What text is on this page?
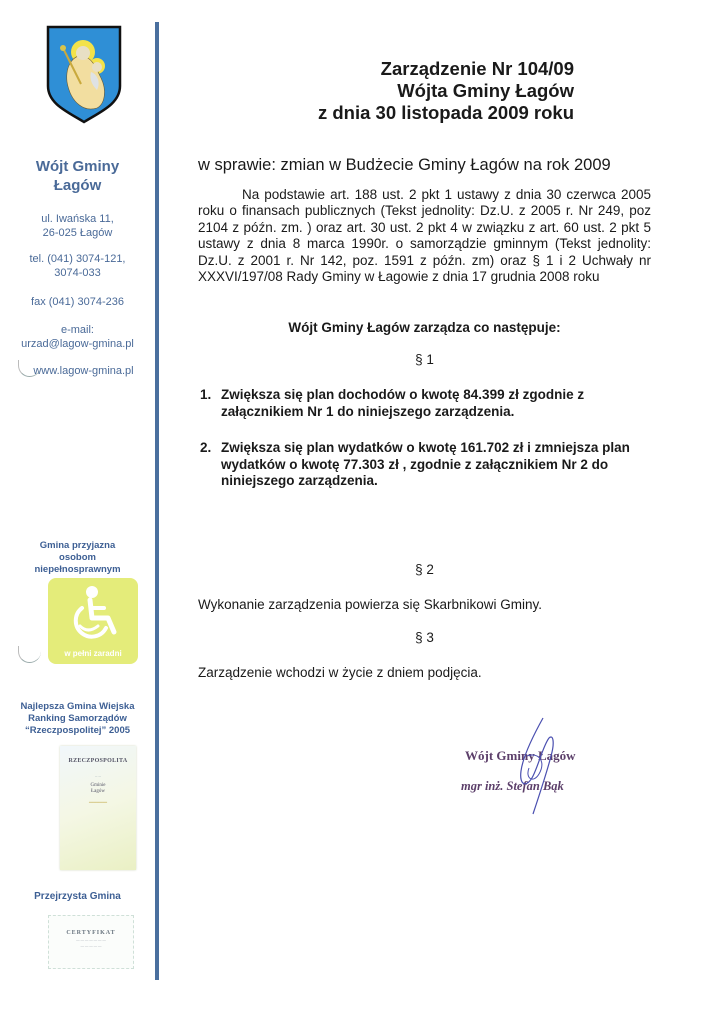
Wójt Gminy
Łagów
ul. Iwańska 11,
26-025 Łagów
tel. (041) 3074-121,
3074-033
fax (041) 3074-236
e-mail:
urzad@lagow-gmina.pl
www.lagow-gmina.pl
Gmina przyjazna
osobom
niepełnosprawnym
w pełni zaradni
Najlepsza Gmina Wiejska
Ranking Samorządów
“Rzeczpospolitej” 2005
RZECZPOSPOLITA
·····
Gminie
Łagów
━━━━━━
Przejrzysta Gmina
CERTYFIKAT
— — — — — — —
— — — — —
Zarządzenie Nr 104/09
Wójta Gminy Łagów
z dnia 30 listopada 2009 roku
w sprawie: zmian w Budżecie Gminy Łagów na rok 2009
Na podstawie art. 188 ust. 2 pkt 1 ustawy z dnia 30 czerwca 2005 roku o finansach publicznych (Tekst jednolity: Dz.U. z 2005 r. Nr 249, poz 2104 z późn. zm. ) oraz art. 30 ust. 2 pkt 4 w związku z art. 60 ust. 2 pkt 5 ustawy z dnia 8 marca 1990r. o samorządzie gminnym (Tekst jednolity: Dz.U. z 2001 r. Nr 142, poz. 1591 z późn. zm) oraz § 1 i 2 Uchwały nr XXXVI/197/08 Rady Gminy w Łagowie z dnia 17 grudnia 2008 roku
Wójt Gminy Łagów zarządza co następuje:
§ 1
1. Zwiększa się plan dochodów o kwotę 84.399 zł zgodnie z załącznikiem Nr 1 do niniejszego zarządzenia.
2. Zwiększa się plan wydatków o kwotę 161.702 zł i zmniejsza plan wydatków o kwotę 77.303 zł , zgodnie z załącznikiem Nr 2 do niniejszego zarządzenia.
§ 2
Wykonanie zarządzenia powierza się Skarbnikowi Gminy.
§ 3
Zarządzenie wchodzi w życie z dniem podjęcia.
Wójt Gminy Łagów
mgr inż. Stefan Bąk
